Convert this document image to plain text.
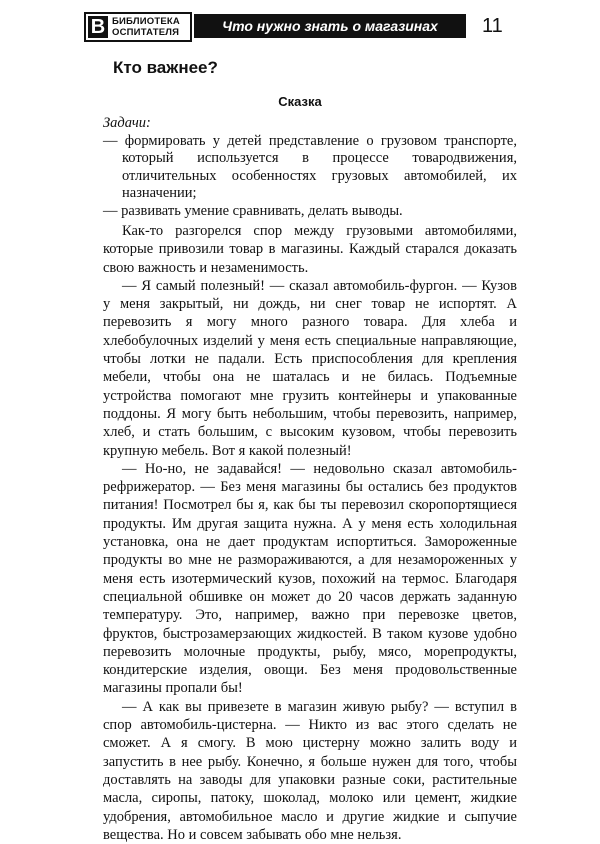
В БИБЛИОТЕКА
ОСПИТАТЕЛЯ	Что нужно знать о магазинах	11
Кто важнее?
Сказка
Задачи:
— формировать у детей представление о грузовом транспорте, который используется в процессе товародвижения, отличительных особенностях грузовых автомобилей, их назначении;
— развивать умение сравнивать, делать выводы.

Как-то разгорелся спор между грузовыми автомобилями, которые привозили товар в магазины. Каждый старался доказать свою важность и незаменимость.

— Я самый полезный! — сказал автомобиль-фургон. — Кузов у меня закрытый, ни дождь, ни снег товар не испортят. А перевозить я могу много разного товара. Для хлеба и хлебобулочных изделий у меня есть специальные направляющие, чтобы лотки не падали. Есть приспособления для крепления мебели, чтобы она не шаталась и не билась. Подъемные устройства помогают мне грузить контейнеры и упакованные поддоны. Я могу быть небольшим, чтобы перевозить, например, хлеб, и стать большим, с высоким кузовом, чтобы перевозить крупную мебель. Вот я какой полезный!

— Но-но, не задавайся! — недовольно сказал автомобиль-рефрижератор. — Без меня магазины бы остались без продуктов питания! Посмотрел бы я, как бы ты перевозил скоропортящиеся продукты. Им другая защита нужна. А у меня есть холодильная установка, она не дает продуктам испортиться. Замороженные продукты во мне не размораживаются, а для незамороженных у меня есть изотермический кузов, похожий на термос. Благодаря специальной обшивке он может до 20 часов держать заданную температуру. Это, например, важно при перевозке цветов, фруктов, быстрозамерзающих жидкостей. В таком кузове удобно перевозить молочные продукты, рыбу, мясо, морепродукты, кондитерские изделия, овощи. Без меня продовольственные магазины пропали бы!

— А как вы привезете в магазин живую рыбу? — вступил в спор автомобиль-цистерна. — Никто из вас этого сделать не сможет. А я смогу. В мою цистерну можно залить воду и запустить в нее рыбу. Конечно, я больше нужен для того, чтобы доставлять на заводы для упаковки разные соки, растительные масла, сиропы, патоку, шоколад, молоко или цемент, жидкие удобрения, автомобильное масло и другие жидкие и сыпучие вещества. Но и совсем забывать обо мне нельзя.
